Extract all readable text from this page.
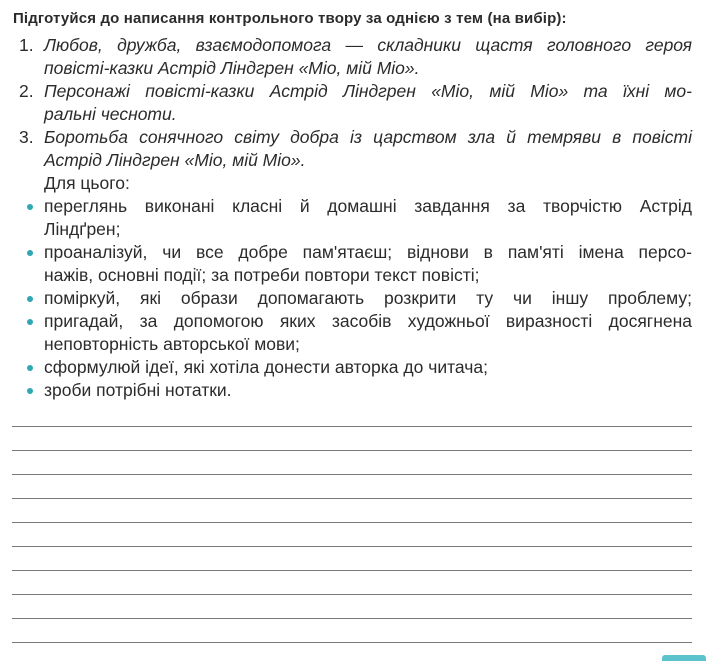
Підготуйся до написання контрольного твору за однією з тем (на вибір):
1. Любов, дружба, взаємодопомога — складники щастя головного героя
повісті-казки Астрід Ліндгрен «Міо, мій Міо».
2. Персонажі повісті-казки Астрід Ліндгрен «Міо, мій Міо» та їхні мо-
ральні чесноти.
3. Боротьба сонячного світу добра із царством зла й темряви в повісті
Астрід Ліндгрен «Міо, мій Міо».
Для цього:
переглянь виконані класні й домашні завдання за творчістю Астрід
Ліндґрен;
проаналізуй, чи все добре пам'ятаєш; віднови в пам'яті імена персо-
нажів, основні події; за потреби повтори текст повісті;
поміркуй, які образи допомагають розкрити ту чи іншу проблему;
пригадай, за допомогою яких засобів художньої виразності досягнена
неповторність авторської мови;
сформулюй ідеї, які хотіла донести авторка до читача;
зроби потрібні нотатки.
